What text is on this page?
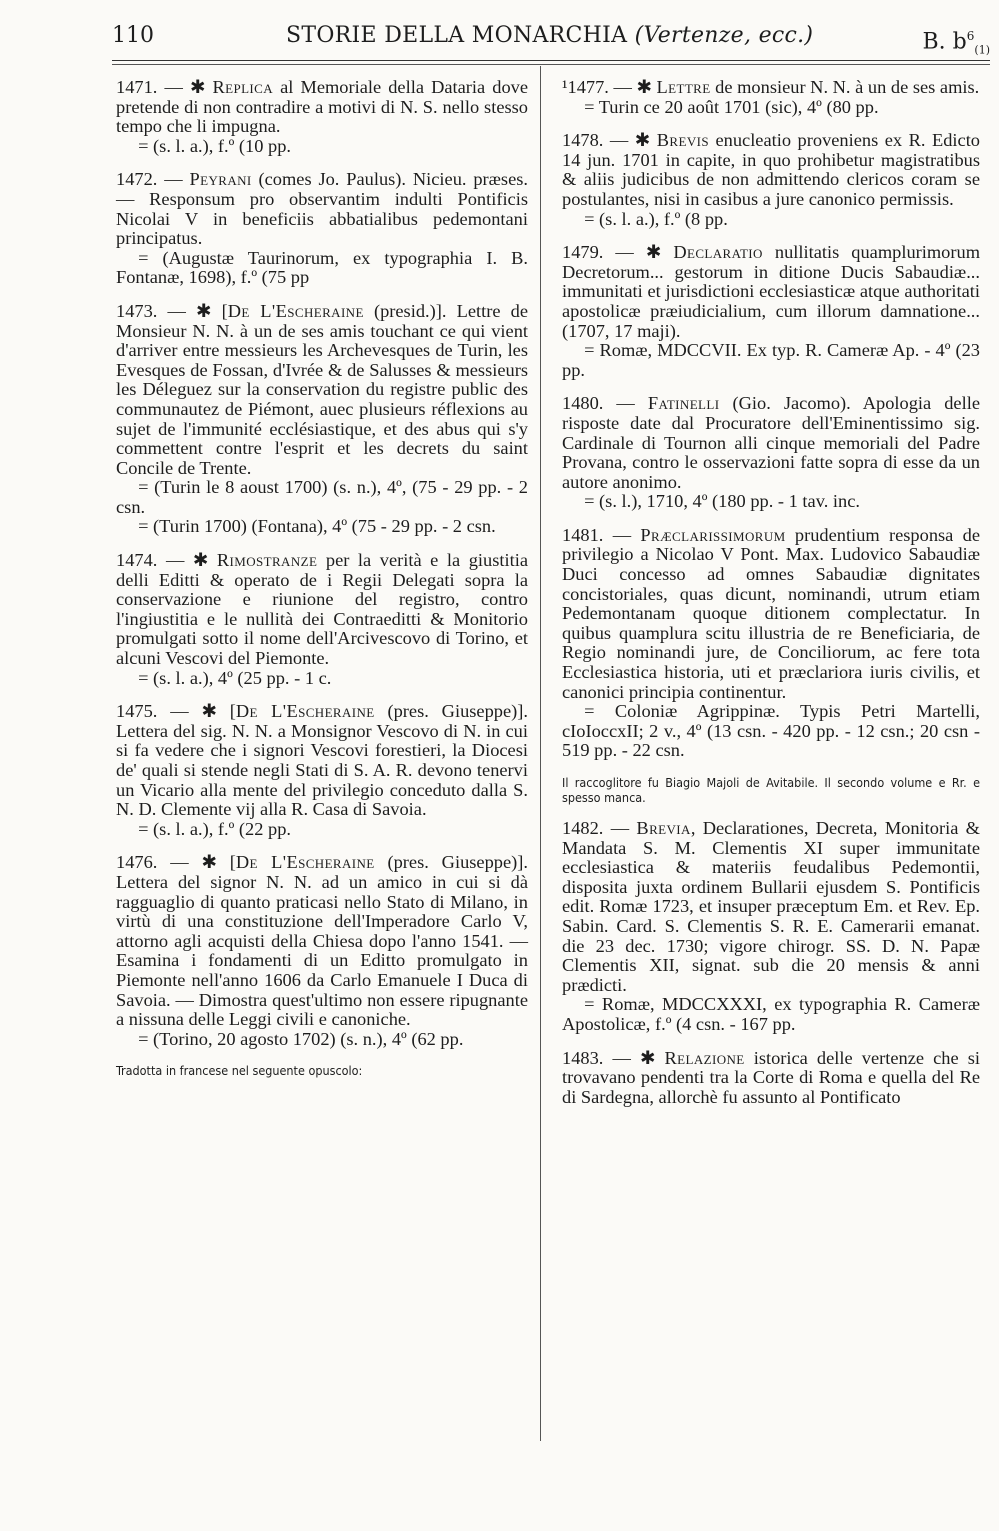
110	STORIE DELLA MONARCHIA (Vertenze, ecc.)	B. $b^6_{(1)}$

1471. — ✱ Replica al Memoriale della Dataria dove pretende di non contradire a motivi di N. S. nello stesso tempo che li impugna.

= (s. l. a.), f.º (10 pp.

1472. — Peyrani (comes Jo. Paulus). Nicieu. præses. — Responsum pro observantim indulti Pontificis Nicolai V in beneficiis abbatialibus pedemontani principatus.

= (Augustæ Taurinorum, ex typographia I. B. Fontanæ, 1698), f.º (75 pp

1473. — ✱ [De L'Escheraine (presid.)]. Lettre de Monsieur N. N. à un de ses amis touchant ce qui vient d'arriver entre messieurs les Archevesques de Turin, les Evesques de Fossan, d'Ivrée & de Salusses & messieurs les Déleguez sur la conservation du registre public des communautez de Piémont, auec plusieurs réflexions au sujet de l'immunité ecclésiastique, et des abus qui s'y commettent contre l'esprit et les decrets du saint Concile de Trente.

= (Turin le 8 aoust 1700) (s. n.), 4º, (75 - 29 pp. - 2 csn.

= (Turin 1700) (Fontana), 4º (75 - 29 pp. - 2 csn.

1474. — ✱ Rimostranze per la verità e la giustitia delli Editti & operato de i Regii Delegati sopra la conservazione e riunione del registro, contro l'ingiustitia e le nullità dei Contraeditti & Monitorio promulgati sotto il nome dell'Arcivescovo di Torino, et alcuni Vescovi del Piemonte.

= (s. l. a.), 4º (25 pp. - 1 c.

1475. — ✱ [De L'Escheraine (pres. Giuseppe)]. Lettera del sig. N. N. a Monsignor Vescovo di N. in cui si fa vedere che i signori Vescovi forestieri, la Diocesi de' quali si stende negli Stati di S. A. R. devono tenervi un Vicario alla mente del privilegio conceduto dalla S. N. D. Clemente vij alla R. Casa di Savoia.

= (s. l. a.), f.º (22 pp.

1476. — ✱ [De L'Escheraine (pres. Giuseppe)]. Lettera del signor N. N. ad un amico in cui si dà ragguaglio di quanto praticasi nello Stato di Milano, in virtù di una constituzione dell'Imperadore Carlo V, attorno agli acquisti della Chiesa dopo l'anno 1541. — Esamina i fondamenti di un Editto promulgato in Piemonte nell'anno 1606 da Carlo Emanuele I Duca di Savoia. — Dimostra quest'ultimo non essere ripugnante a nissuna delle Leggi civili e canoniche.

= (Torino, 20 agosto 1702) (s. n.), 4º (62 pp.

Tradotta in francese nel seguente opuscolo:

¹1477. — ✱ Lettre de monsieur N. N. à un de ses amis.

= Turin ce 20 août 1701 (sic), 4º (80 pp.

1478. — ✱ Brevis enucleatio proveniens ex R. Edicto 14 jun. 1701 in capite, in quo prohibetur magistratibus & aliis judicibus de non admittendo clericos coram se postulantes, nisi in casibus a jure canonico permissis.

= (s. l. a.), f.º (8 pp.

1479. — ✱ Declaratio nullitatis quamplurimorum Decretorum... gestorum in ditione Ducis Sabaudiæ... immunitati et jurisdictioni ecclesiasticæ atque authoritati apostolicæ præiudicialium, cum illorum damnatione... (1707, 17 maji).

= Romæ, MDCCVII. Ex typ. R. Cameræ Ap. - 4º (23 pp.

1480. — Fatinelli (Gio. Jacomo). Apologia delle risposte date dal Procuratore dell'Eminentissimo sig. Cardinale di Tournon alli cinque memoriali del Padre Provana, contro le osservazioni fatte sopra di esse da un autore anonimo.

= (s. l.), 1710, 4º (180 pp. - 1 tav. inc.

1481. — Præclarissimorum prudentium responsa de privilegio a Nicolao V Pont. Max. Ludovico Sabaudiæ Duci concesso ad omnes Sabaudiæ dignitates concistoriales, quas dicunt, nominandi, utrum etiam Pedemontanam quoque ditionem complectatur. In quibus quamplura scitu illustria de re Beneficiaria, de Regio nominandi jure, de Conciliorum, ac fere tota Ecclesiastica historia, uti et præclariora iuris civilis, et canonici principia continentur.

= Coloniæ Agrippinæ. Typis Petri Martelli, cIoIoccxII; 2 v., 4º (13 csn. - 420 pp. - 12 csn.; 20 csn - 519 pp. - 22 csn.

Il raccoglitore fu Biagio Majoli de Avitabile. Il secondo volume e Rr. e spesso manca.

1482. — Brevia, Declarationes, Decreta, Monitoria & Mandata S. M. Clementis XI super immunitate ecclesiastica & materiis feudalibus Pedemontii, disposita juxta ordinem Bullarii ejusdem S. Pontificis edit. Romæ 1723, et insuper præceptum Em. et Rev. Ep. Sabin. Card. S. Clementis S. R. E. Camerarii emanat. die 23 dec. 1730; vigore chirogr. SS. D. N. Papæ Clementis XII, signat. sub die 20 mensis & anni prædicti.

= Romæ, MDCCXXXI, ex typographia R. Cameræ Apostolicæ, f.º (4 csn. - 167 pp.

1483. — ✱ Relazione istorica delle vertenze che si trovavano pendenti tra la Corte di Roma e quella del Re di Sardegna, allorchè fu assunto al Pontificato
